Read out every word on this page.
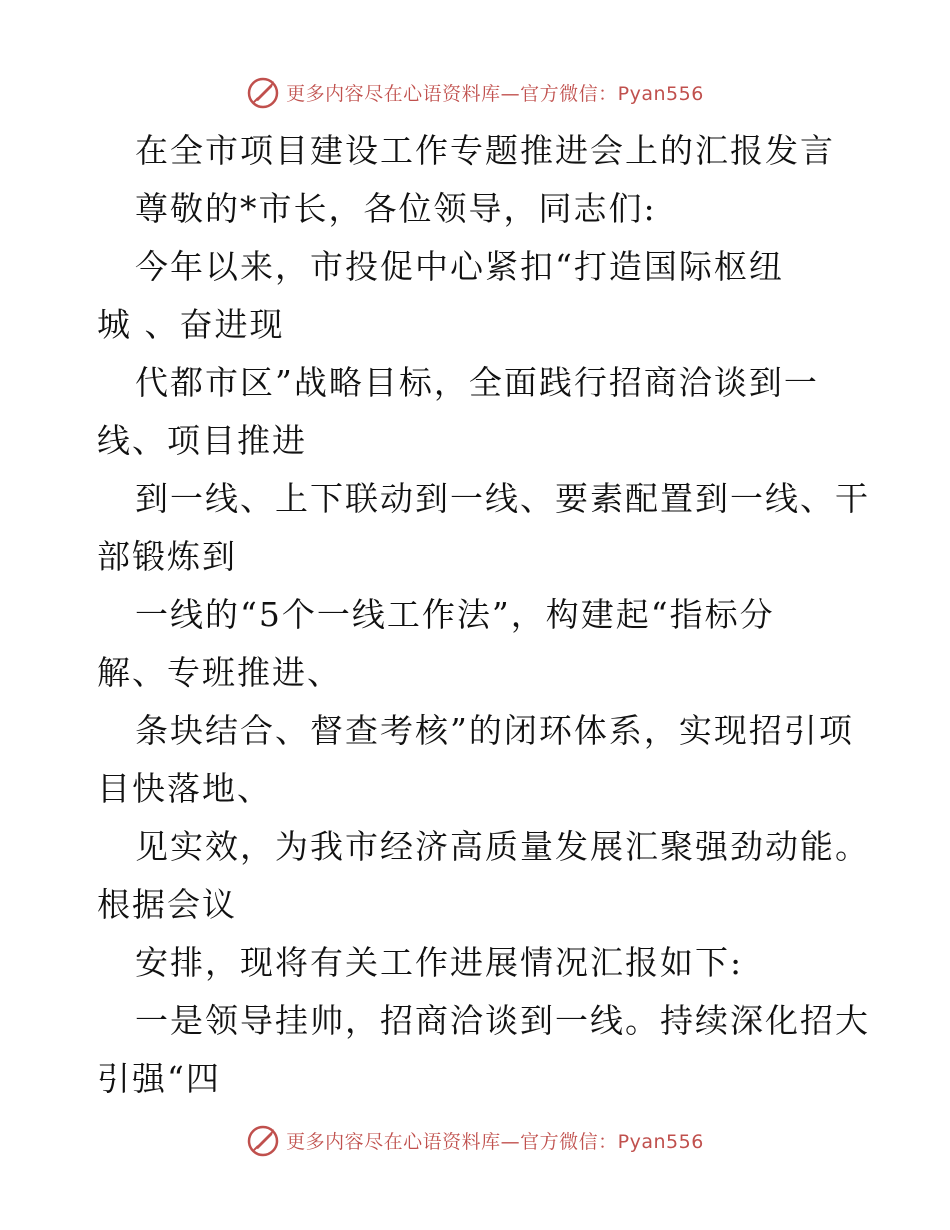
更多内容尽在心语资料库—官方微信：Pyan556
在全市项目建设工作专题推进会上的汇报发言
尊敬的*市长，各位领导，同志们:
今年以来，市投促中心紧扣“打造国际枢纽
城 、奋进现
代都市区”战略目标，全面践行招商洽谈到一
线、项目推进
到一线、上下联动到一线、要素配置到一线、干
部锻炼到
一线的“5个一线工作法”，构建起“指标分
解、专班推进、
条块结合、督查考核”的闭环体系，实现招引项
目快落地、
见实效，为我市经济高质量发展汇聚强劲动能。
根据会议
安排，现将有关工作进展情况汇报如下:
一是领导挂帅，招商洽谈到一线。持续深化招大
引强“四
更多内容尽在心语资料库—官方微信：Pyan556
